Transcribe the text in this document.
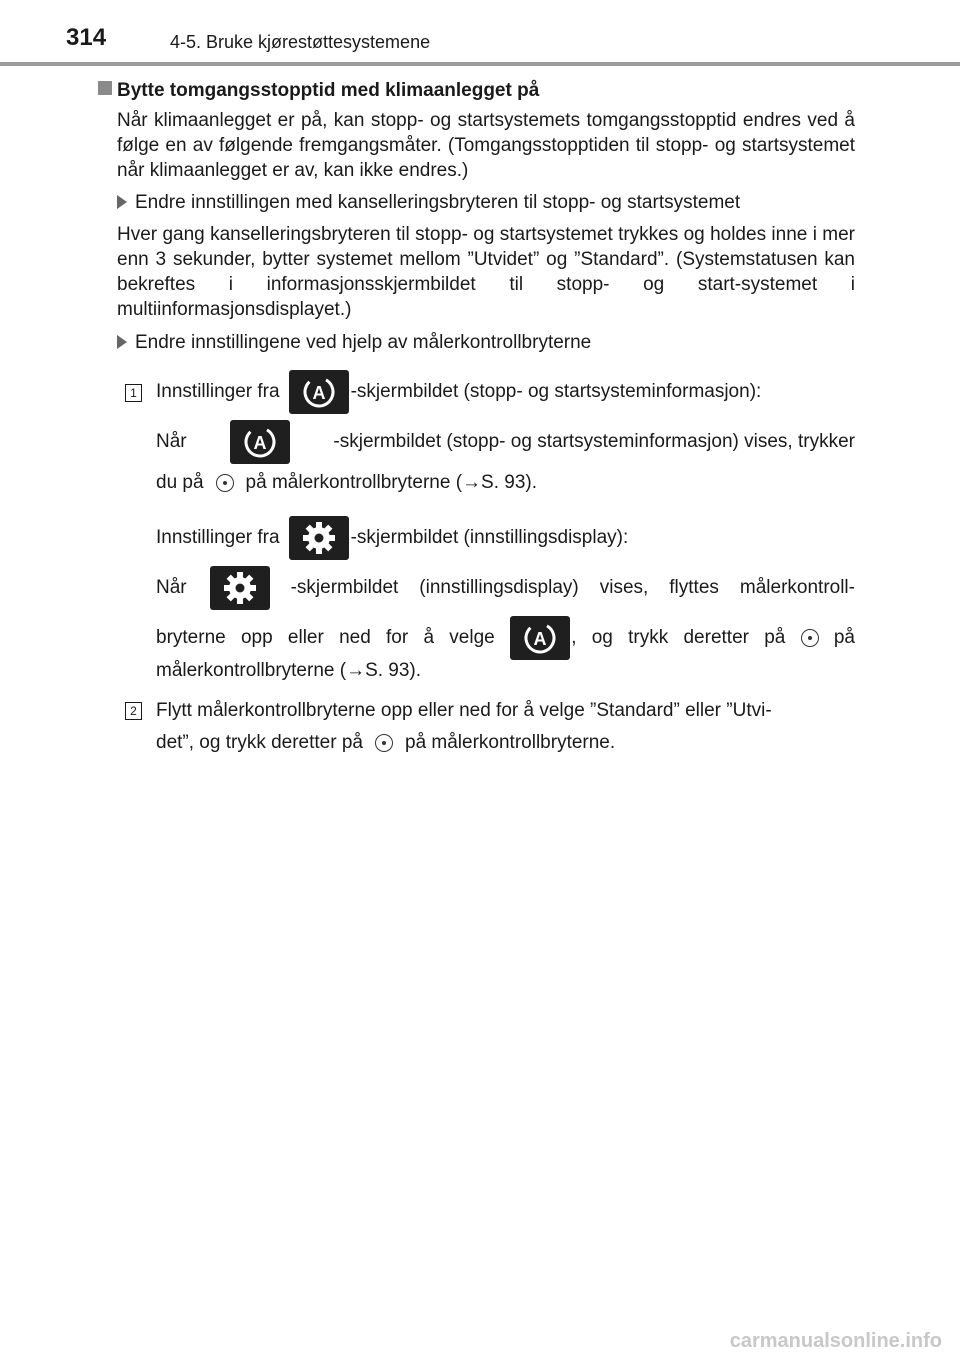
314	4-5. Bruke kjørestøttesystemene
Bytte tomgangsstopptid med klimaanlegget på
Når klimaanlegget er på, kan stopp- og startsystemets tomgangsstopptid endres ved å følge en av følgende fremgangsmåter. (Tomgangsstopptiden til stopp- og startsystemet når klimaanlegget er av, kan ikke endres.)
Endre innstillingen med kanselleringsbryteren til stopp- og startsystemet
Hver gang kanselleringsbryteren til stopp- og startsystemet trykkes og holdes inne i mer enn 3 sekunder, bytter systemet mellom ”Utvidet” og ”Standard”. (Systemstatusen kan bekreftes i informasjonsskjermbildet til stopp- og start-systemet i multiinformasjonsdisplayet.)
Endre innstillingene ved hjelp av målerkontrollbryterne
1 Innstillinger fra A -skjermbildet (stopp- og startsysteminformasjon):
Når	A	-skjermbildet (stopp- og startsysteminformasjon) vises, trykker
du på på målerkontrollbryterne (→S. 93).
Innstillinger fra	-skjermbildet (innstillingsdisplay):
Når	-skjermbildet (innstillingsdisplay) vises, flyttes målerkontroll-
bryterne opp eller ned for å velge A , og trykk deretter på	på
målerkontrollbryterne (→S. 93).
2 Flytt målerkontrollbryterne opp eller ned for å velge ”Standard” eller ”Utvi-
det”, og trykk deretter på på målerkontrollbryterne.
carmanualsonline.info
